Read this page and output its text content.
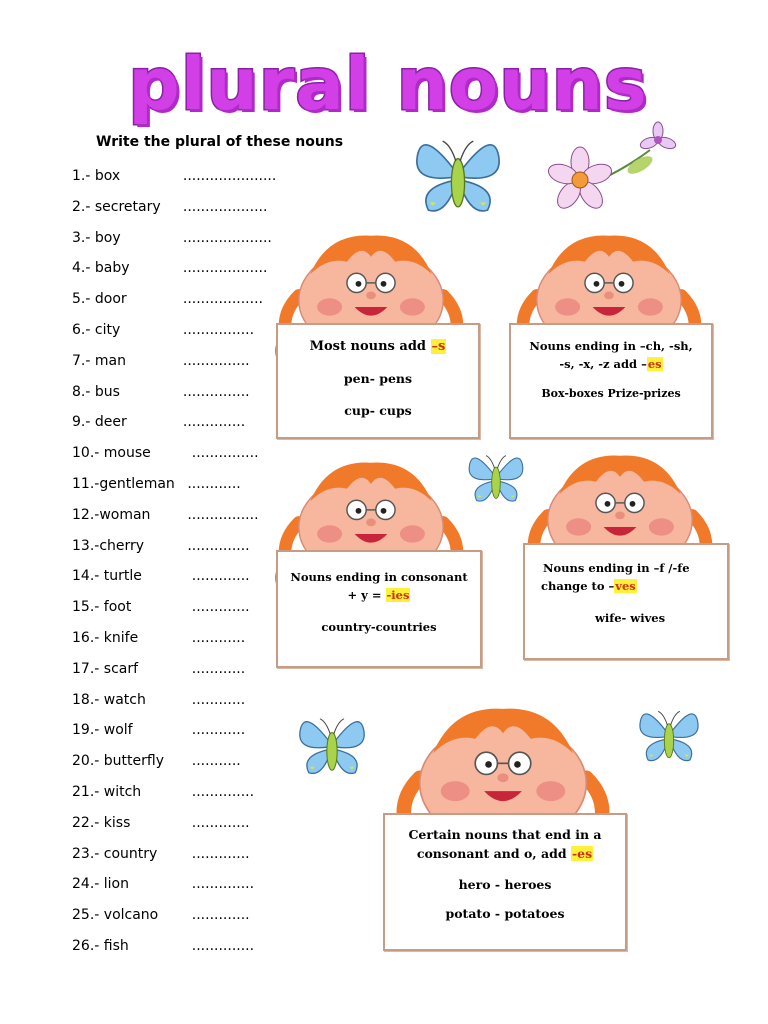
plural nouns
Write the plural of these nouns
1.- box	.....................
2.- secretary ...................
3.- boy	....................
4.- baby	...................
5.- door	..................
6.- city	................
7.- man	...............
8.- bus	...............
9.- deer	..............
10.- mouse	...............
11.-gentleman ............
12.-woman	................
13.-cherry	..............
14.- turtle	.............
15.- foot	.............
16.- knife	............
17.- scarf	............
18.- watch	............
19.- wolf	............
20.- butterfly ...........
21.- witch	..............
22.- kiss	.............
23.- country .............
24.- lion	..............
25.- volcano .............
26.- fish	..............

Most nouns add –s

pen- pens

cup- cups

Nouns ending in –ch, -sh,

-s, -x, -z add –es

Box-boxes Prize-prizes

Nouns ending in consonant

+ y = -ies

country-countries

Nouns ending in –f /-fe

change to –ves

wife- wives

Certain nouns that end in a

consonant and o, add -es

hero - heroes

potato - potatoes
